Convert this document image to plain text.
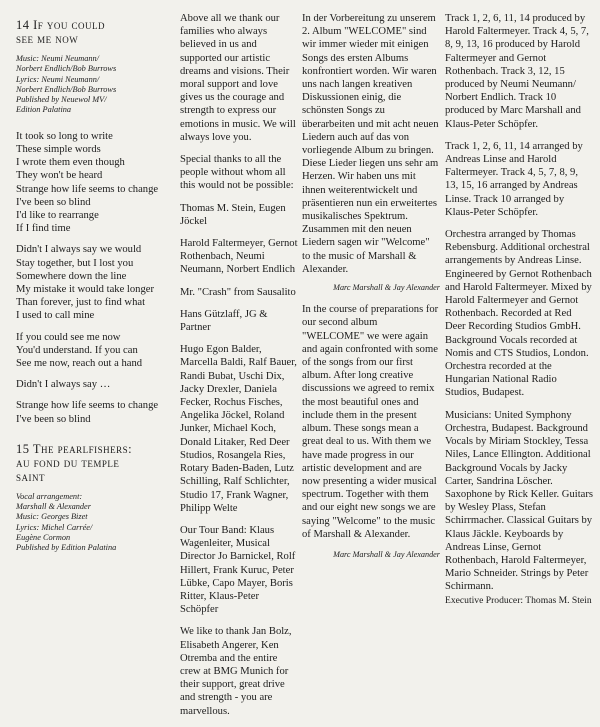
14 If you could
see me now
Music: Neumi Neumann/
Norbert Endlich/Bob Burrows
Lyrics: Neumi Neumann/
Norbert Endlich/Bob Burrows
Published by Neuewol MV/
Edition Palatina

It took so long to write
These simple words
I wrote them even though
They won't be heard
Strange how life seems to change
I've been so blind
I'd like to rearrange
If I find time

Didn't I always say we would
Stay together, but I lost you
Somewhere down the line
My mistake it would take longer
Than forever, just to find what
I used to call mine

If you could see me now
You'd understand. If you can
See me now, reach out a hand

Didn't I always say …

Strange how life seems to change
I've been so blind

15 The pearlfishers:
au fond du temple
saint
Vocal arrangement:
Marshall & Alexander
Music: Georges Bizet
Lyrics: Michel Carrée/
Eugène Cormon
Published by Edition Palatina

Above all we thank our families who always believed in us and supported our artistic dreams and visions. Their moral support and love gives us the courage and strength to express our emotions in music. We will always love you.

Special thanks to all the people without whom all this would not be possible:

Thomas M. Stein, Eugen Jöckel

Harold Faltermeyer, Gernot Rothenbach, Neumi Neumann, Norbert Endlich

Mr. "Crash" from Sausalito

Hans Gützlaff, JG & Partner

Hugo Egon Balder, Marcella Baldi, Ralf Bauer, Randi Bubat, Uschi Dix, Jacky Drexler, Daniela Fecker, Rochus Fisches, Angelika Jöckel, Roland Junker, Michael Koch, Donald Litaker, Red Deer Studios, Rosangela Ries, Rotary Baden-Baden, Lutz Schilling, Ralf Schlichter, Studio 17, Frank Wagner, Philipp Welte

Our Tour Band: Klaus Wagenleiter, Musical Director Jo Barnickel, Rolf Hillert, Frank Kuruc, Peter Lübke, Capo Mayer, Boris Ritter, Klaus-Peter Schöpfer

We like to thank Jan Bolz, Elisabeth Angerer, Ken Otremba and the entire crew at BMG Munich for their support, great drive and strength - you are marvellous.

In der Vorbereitung zu unserem 2. Album "WELCOME" sind wir immer wieder mit einigen Songs des ersten Albums konfrontiert worden. Wir waren uns nach langen kreativen Diskussionen einig, die schönsten Songs zu überarbeiten und mit acht neuen Liedern auch auf das von vorliegende Album zu bringen. Diese Lieder liegen uns sehr am Herzen. Wir haben uns mit ihnen weiterentwickelt und präsentieren nun ein erweitertes musikalisches Spektrum. Zusammen mit den neuen Liedern sagen wir "Welcome" to the music of Marshall & Alexander.

Marc Marshall & Jay Alexander

In the course of preparations for our second album "WELCOME" we were again and again confronted with some of the songs from our first album. After long creative discussions we agreed to remix the most beautiful ones and include them in the present album. These songs mean a great deal to us. With them we have made progress in our artistic development and are now presenting a wider musical spectrum. Together with them and our eight new songs we are saying "Welcome" to the music of Marshall & Alexander.

Marc Marshall & Jay Alexander

Track 1, 2, 6, 11, 14 produced by Harold Faltermeyer. Track 4, 5, 7, 8, 9, 13, 16 produced by Harold Faltermeyer and Gernot Rothenbach. Track 3, 12, 15 produced by Neumi Neumann/ Norbert Endlich. Track 10 produced by Marc Marshall and Klaus-Peter Schöpfer.

Track 1, 2, 6, 11, 14 arranged by Andreas Linse and Harold Faltermeyer. Track 4, 5, 7, 8, 9, 13, 15, 16 arranged by Andreas Linse. Track 10 arranged by Klaus-Peter Schöpfer.

Orchestra arranged by Thomas Rebensburg. Additional orchestral arrangements by Andreas Linse. Engineered by Gernot Rothenbach and Harold Faltermeyer. Mixed by Harold Faltermeyer and Gernot Rothenbach. Recorded at Red Deer Recording Studios GmbH. Background Vocals recorded at Nomis and CTS Studios, London. Orchestra recorded at the Hungarian National Radio Studios, Budapest.

Musicians: United Symphony Orchestra, Budapest. Background Vocals by Miriam Stockley, Tessa Niles, Lance Ellington. Additional Background Vocals by Jacky Carter, Sandrina Löscher. Saxophone by Rick Keller. Guitars by Wesley Plass, Stefan Schirrmacher. Classical Guitars by Klaus Jäckle. Keyboards by Andreas Linse, Gernot Rothenbach, Harold Faltermeyer, Mario Schneider. Strings by Peter Schirmann.

Executive Producer: Thomas M. Stein
